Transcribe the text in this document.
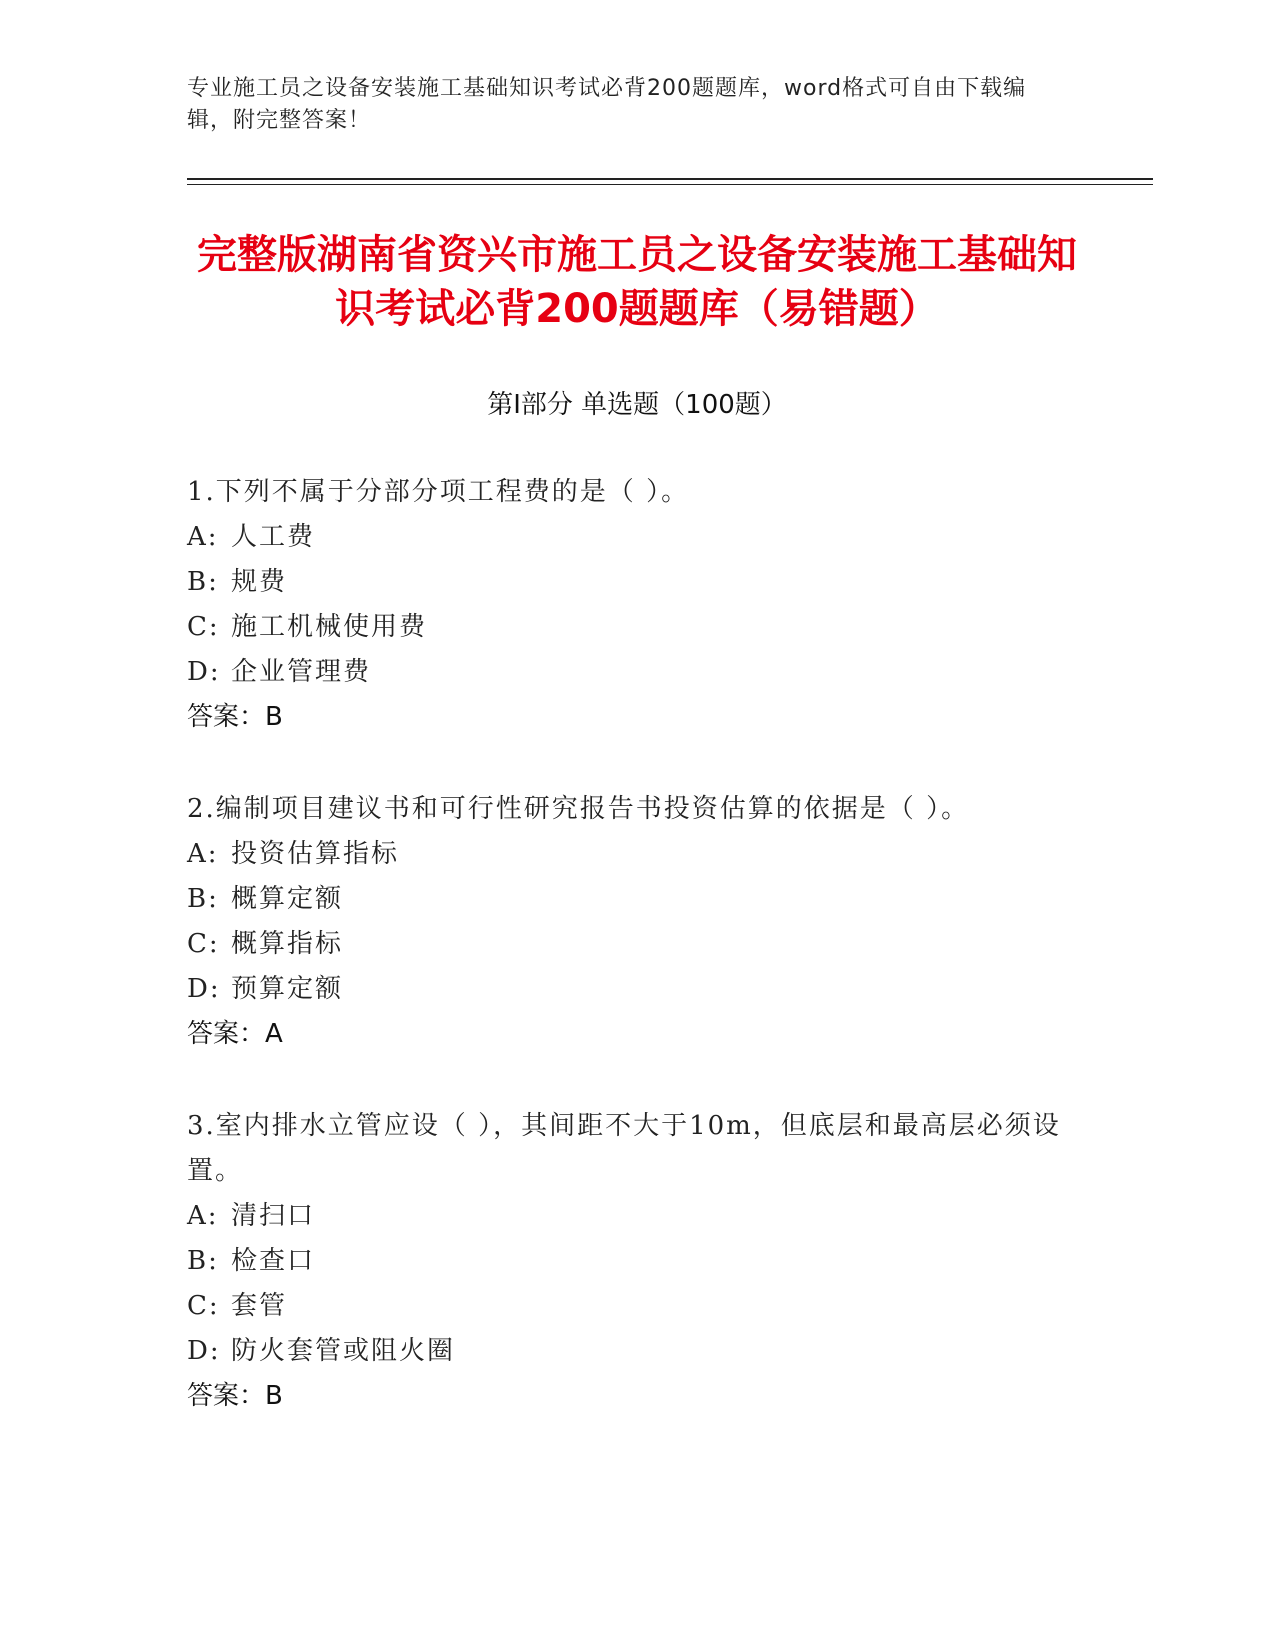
专业施工员之设备安装施工基础知识考试必背200题题库，word格式可自由下载编辑，附完整答案！
完整版湖南省资兴市施工员之设备安装施工基础知识考试必背200题题库（易错题）
第Ⅰ部分 单选题（100题）
1.下列不属于分部分项工程费的是（ ）。
A: 人工费
B: 规费
C: 施工机械使用费
D: 企业管理费
答案：B
2.编制项目建议书和可行性研究报告书投资估算的依据是（ ）。
A: 投资估算指标
B: 概算定额
C: 概算指标
D: 预算定额
答案：A
3.室内排水立管应设（ ），其间距不大于10m，但底层和最高层必须设置。
A: 清扫口
B: 检查口
C: 套管
D: 防火套管或阻火圈
答案：B
